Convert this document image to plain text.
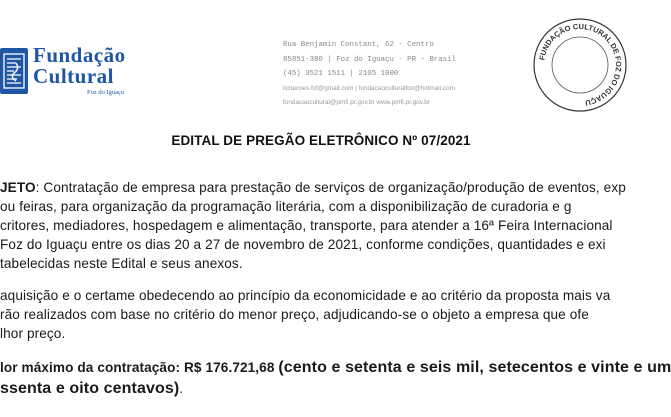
Fundação
Cultural
Foz do Iguaçu
Rua Benjamin Constant, 62 - Centro
85851-380 | Foz do Iguaçu - PR - Brasil
(45) 3521 1511 | 2105 1000
licitacoes.fcf@gmail.com | fundacaoculturalfoz@hotmail.com
fundacaocultural@pmfi.pr.gov.br www.pmfi.pr.gov.br
FUNDAÇÃO CULTURAL DE FOZ DO IGUAÇU
EDITAL DE PREGÃO ELETRÔNICO Nº 07/2021
JETO: Contratação de empresa para prestação de serviços de organização/produção de eventos, exp
ou feiras, para organização da programação literária, com a disponibilização de curadoria e g
critores, mediadores, hospedagem e alimentação, transporte, para atender a 16ª Feira Internacional
Foz do Iguaçu entre os dias 20 a 27 de novembro de 2021, conforme condições, quantidades e exi
tabelecidas neste Edital e seus anexos.
aquisição e o certame obedecendo ao princípio da economicidade e ao critério da proposta mais va
rão realizados com base no critério do menor preço, adjudicando-se o objeto a empresa que ofe
lhor preço.
lor máximo da contratação: R$ 176.721,68 (cento e setenta e seis mil, setecentos e vinte e um
ssenta e oito centavos).
